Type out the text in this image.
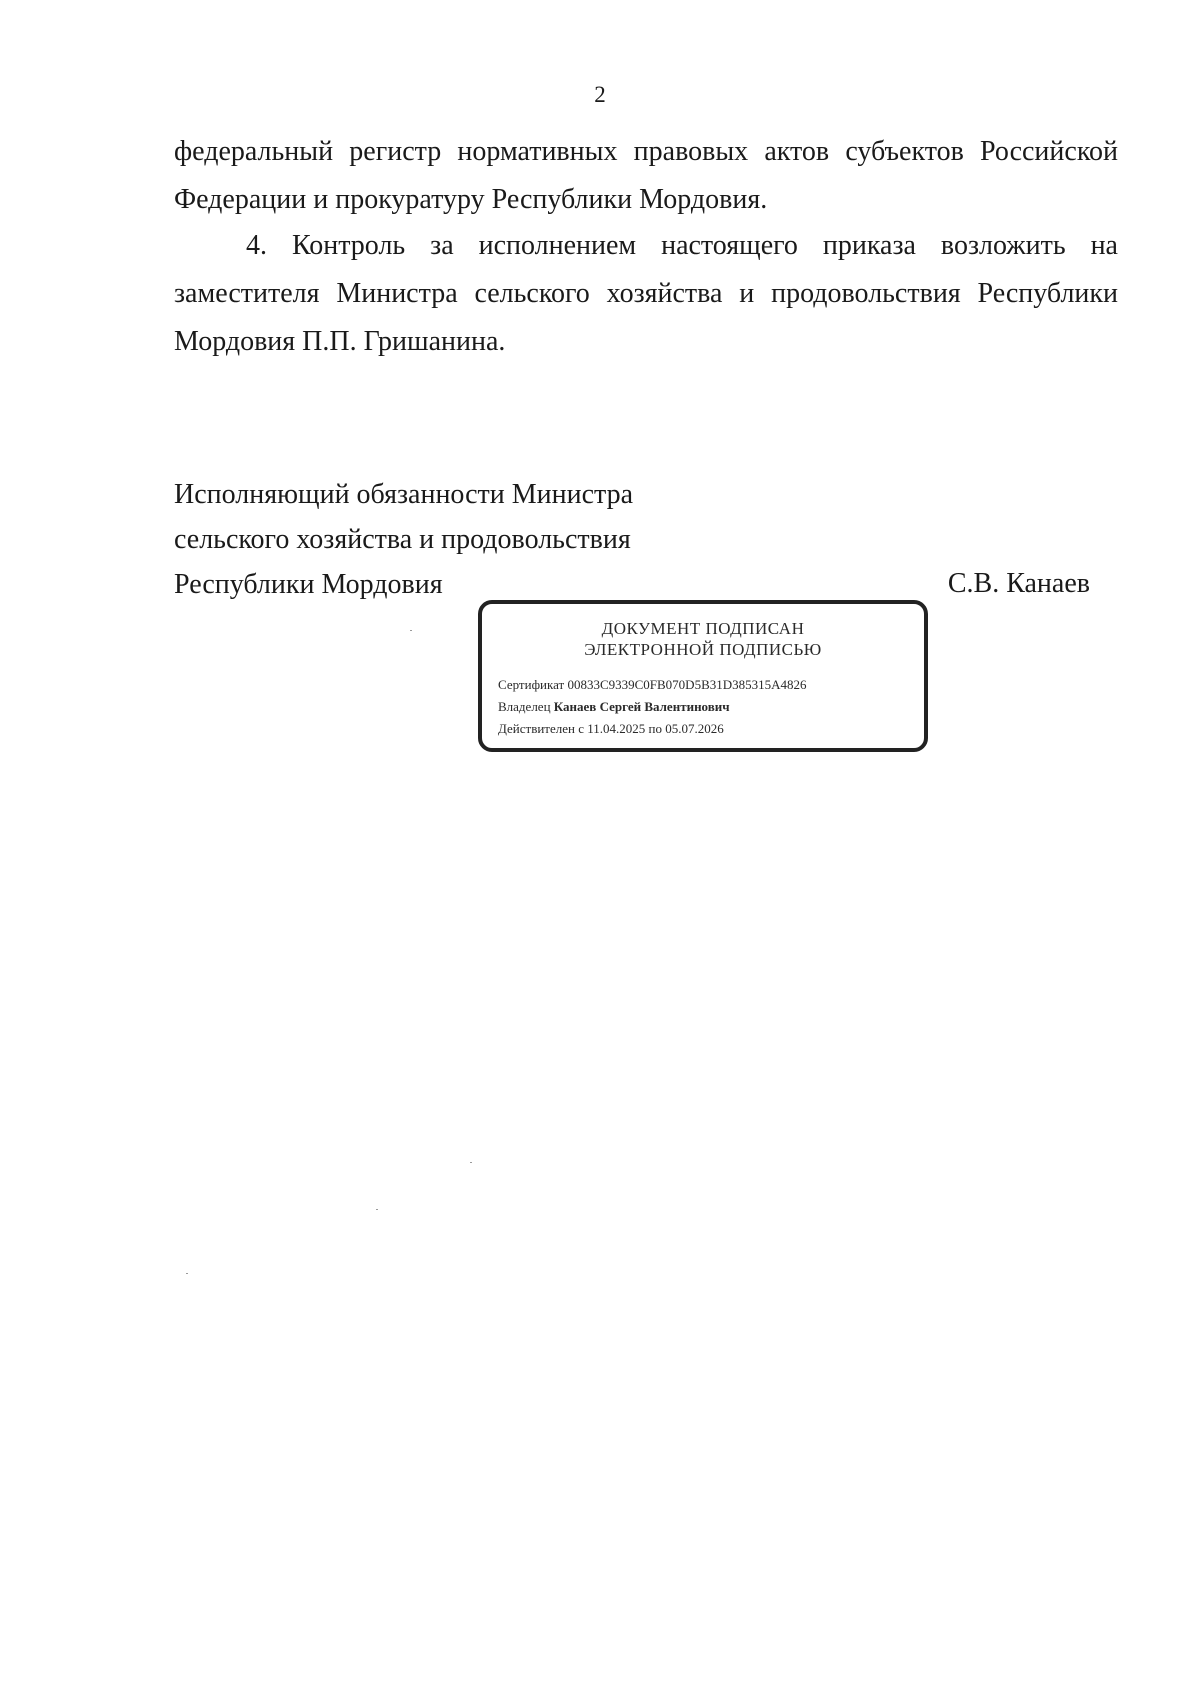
2

федеральный регистр нормативных правовых актов субъектов Российской Федерации и прокуратуру Республики Мордовия.

4. Контроль за исполнением настоящего приказа возложить на заместителя Министра сельского хозяйства и продовольствия Республики Мордовия П.П. Гришанина.

Исполняющий обязанности Министра
сельского хозяйства и продовольствия
Республики Мордовия	С.В. Канаев
ДОКУМЕНТ ПОДПИСАН
ЭЛЕКТРОННОЙ ПОДПИСЬЮ
Сертификат 00833C9339C0FB070D5B31D385315A4826
Владелец Канаев Сергей Валентинович
Действителен с 11.04.2025 по 05.07.2026
